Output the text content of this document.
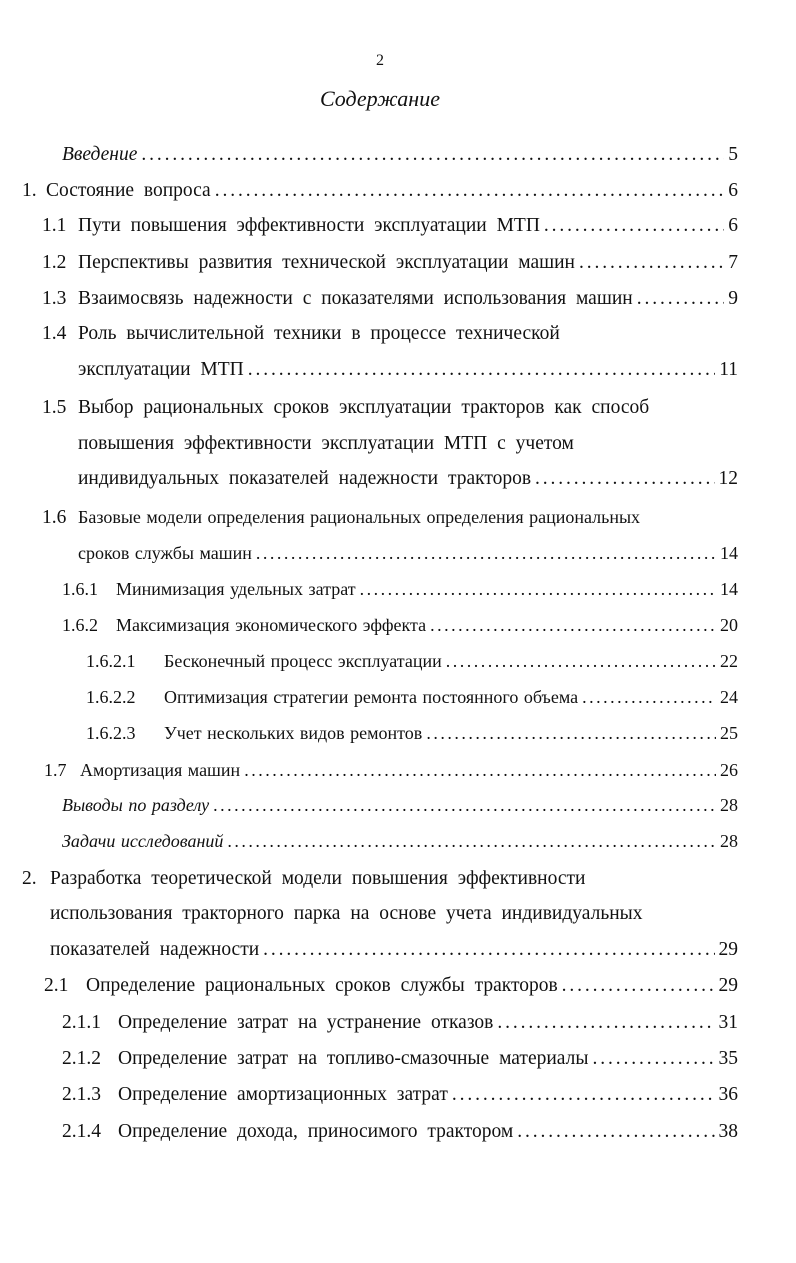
2
Содержание
Введение . . .	5
1. Состояние вопроса . . .	6
1.1 Пути повышения эффективности эксплуатации МТП . . .	6
1.2 Перспективы развития технической эксплуатации машин . . .	7
1.3 Взаимосвязь надежности с показателями использования машин . . .	9
1.4 Роль вычислительной техники в процессе технической
эксплуатации МТП . . .	11
1.5 Выбор рациональных сроков эксплуатации тракторов как способ
повышения эффективности эксплуатации МТП с учетом
индивидуальных показателей надежности тракторов . . .	12
1.6 Базовые модели определения рациональных определения рациональных
сроков службы машин . . .	14
1.6.1	Минимизация удельных затрат . . .	14
1.6.2	Максимизация экономического эффекта . . .	20
1.6.2.1	Бесконечный процесс эксплуатации . . .	22
1.6.2.2	Оптимизация стратегии ремонта постоянного объема . . .	24
1.6.2.3	Учет нескольких видов ремонтов . . .	25
1.7 Амортизация машин . . .	26
Выводы по разделу . . .	28
Задачи исследований . . .	28
2. Разработка теоретической модели повышения эффективности
использования тракторного парка на основе учета индивидуальных
показателей надежности . . .	29
2.1 Определение рациональных сроков службы тракторов . . .	29
2.1.1 Определение затрат на устранение отказов . . .	31
2.1.2 Определение затрат на топливо-смазочные материалы . . .	35
2.1.3 Определение амортизационных затрат . . .	36
2.1.4 Определение дохода, приносимого трактором . . .	38
